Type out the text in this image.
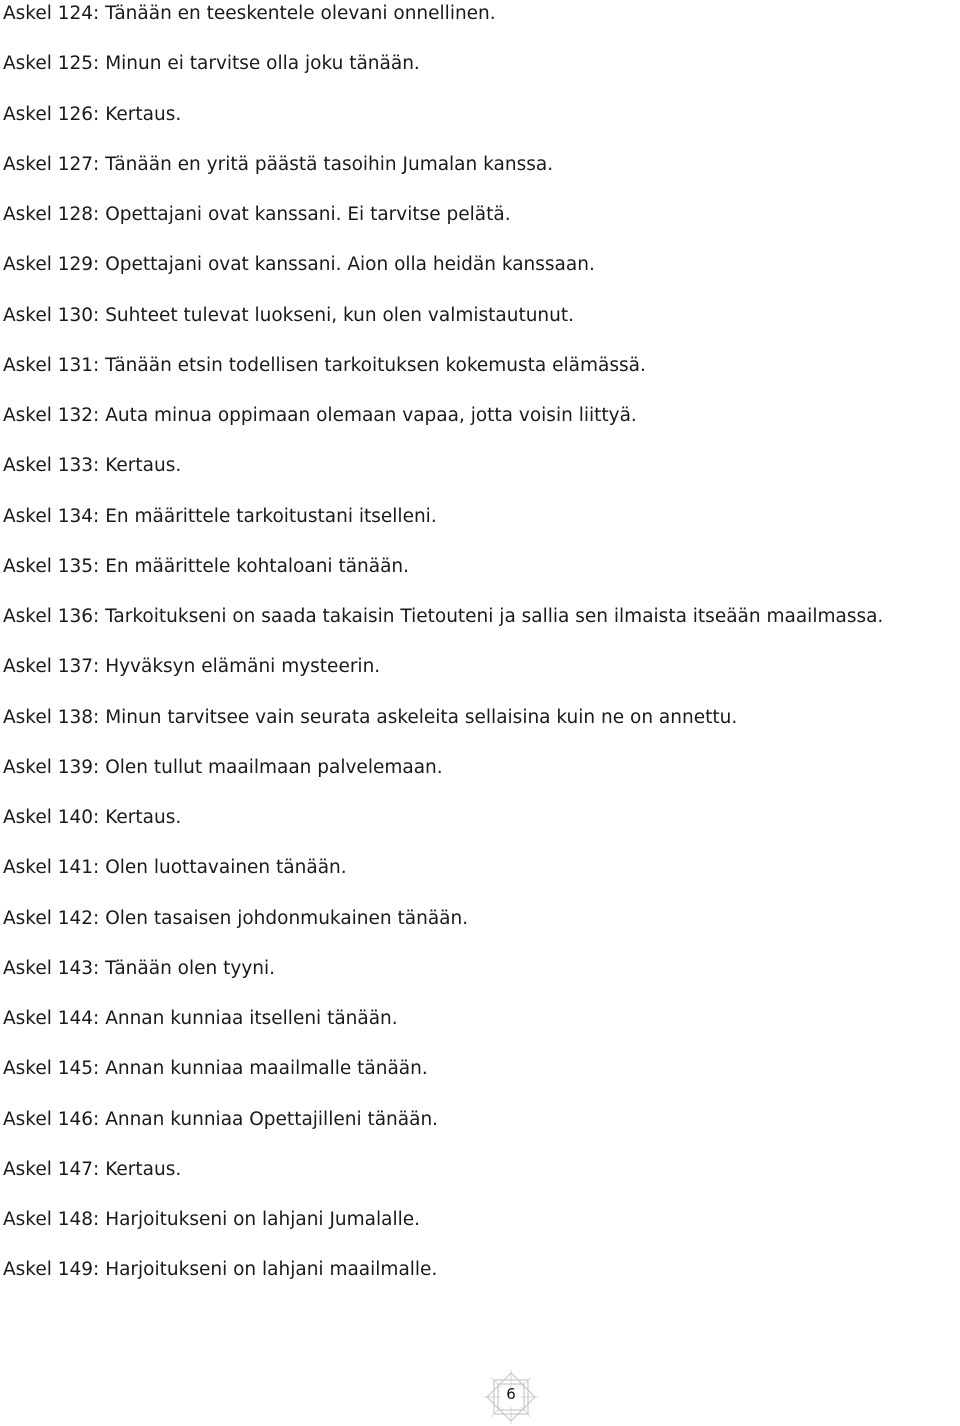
Askel 124: Tänään en teeskentele olevani onnellinen.
Askel 125: Minun ei tarvitse olla joku tänään.
Askel 126: Kertaus.
Askel 127: Tänään en yritä päästä tasoihin Jumalan kanssa.
Askel 128: Opettajani ovat kanssani. Ei tarvitse pelätä.
Askel 129: Opettajani ovat kanssani. Aion olla heidän kanssaan.
Askel 130: Suhteet tulevat luokseni, kun olen valmistautunut.
Askel 131: Tänään etsin todellisen tarkoituksen kokemusta elämässä.
Askel 132: Auta minua oppimaan olemaan vapaa, jotta voisin liittyä.
Askel 133: Kertaus.
Askel 134: En määrittele tarkoitustani itselleni.
Askel 135: En määrittele kohtaloani tänään.
Askel 136: Tarkoitukseni on saada takaisin Tietouteni ja sallia sen ilmaista itseään maailmassa.
Askel 137: Hyväksyn elämäni mysteerin.
Askel 138: Minun tarvitsee vain seurata askeleita sellaisina kuin ne on annettu.
Askel 139: Olen tullut maailmaan palvelemaan.
Askel 140: Kertaus.
Askel 141: Olen luottavainen tänään.
Askel 142: Olen tasaisen johdonmukainen tänään.
Askel 143: Tänään olen tyyni.
Askel 144: Annan kunniaa itselleni tänään.
Askel 145: Annan kunniaa maailmalle tänään.
Askel 146: Annan kunniaa Opettajilleni tänään.
Askel 147: Kertaus.
Askel 148: Harjoitukseni on lahjani Jumalalle.
Askel 149: Harjoitukseni on lahjani maailmalle.
6
